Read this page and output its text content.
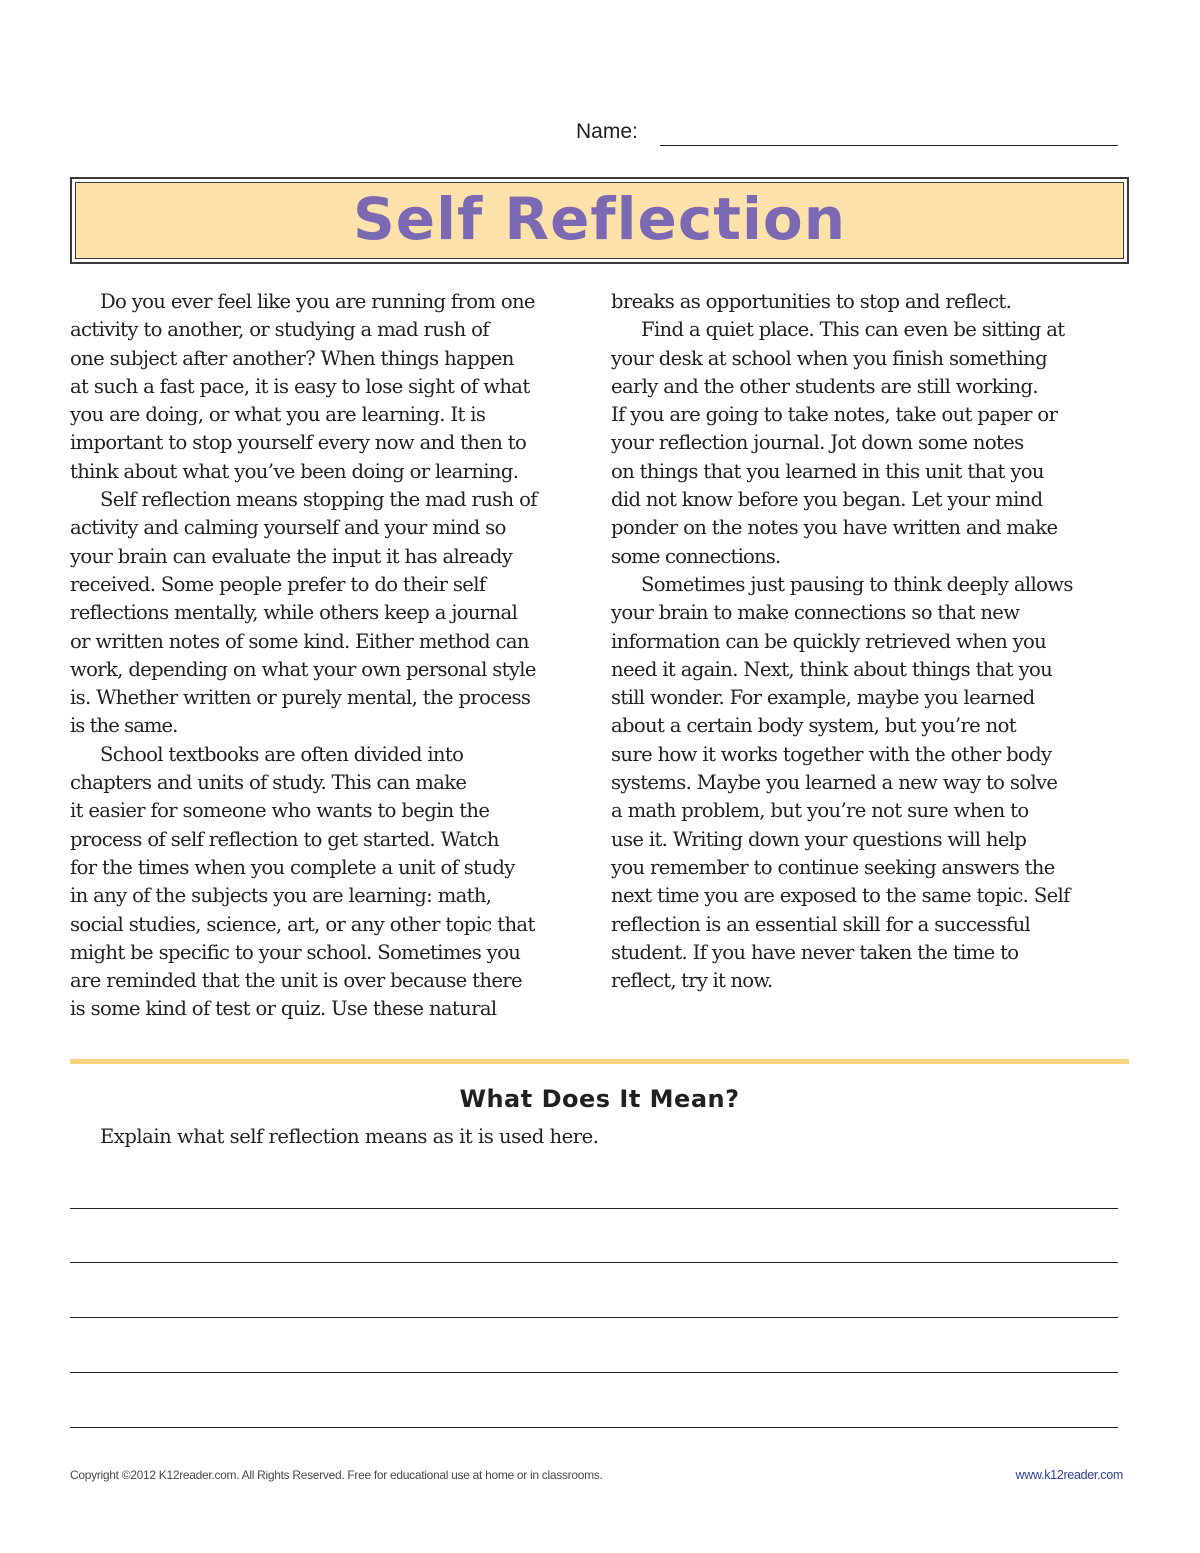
Name:
Self Reflection
Do you ever feel like you are running from one
activity to another, or studying a mad rush of
one subject after another? When things happen
at such a fast pace, it is easy to lose sight of what
you are doing, or what you are learning. It is
important to stop yourself every now and then to
think about what you’ve been doing or learning.
Self reflection means stopping the mad rush of
activity and calming yourself and your mind so
your brain can evaluate the input it has already
received. Some people prefer to do their self
reflections mentally, while others keep a journal
or written notes of some kind. Either method can
work, depending on what your own personal style
is. Whether written or purely mental, the process
is the same.
School textbooks are often divided into
chapters and units of study. This can make
it easier for someone who wants to begin the
process of self reflection to get started. Watch
for the times when you complete a unit of study
in any of the subjects you are learning: math,
social studies, science, art, or any other topic that
might be specific to your school. Sometimes you
are reminded that the unit is over because there
is some kind of test or quiz. Use these natural
breaks as opportunities to stop and reflect.
Find a quiet place. This can even be sitting at
your desk at school when you finish something
early and the other students are still working.
If you are going to take notes, take out paper or
your reflection journal. Jot down some notes
on things that you learned in this unit that you
did not know before you began. Let your mind
ponder on the notes you have written and make
some connections.
Sometimes just pausing to think deeply allows
your brain to make connections so that new
information can be quickly retrieved when you
need it again. Next, think about things that you
still wonder. For example, maybe you learned
about a certain body system, but you’re not
sure how it works together with the other body
systems. Maybe you learned a new way to solve
a math problem, but you’re not sure when to
use it. Writing down your questions will help
you remember to continue seeking answers the
next time you are exposed to the same topic. Self
reflection is an essential skill for a successful
student. If you have never taken the time to
reflect, try it now.
What Does It Mean?
Explain what self reflection means as it is used here.
Copyright ©2012 K12reader.com. All Rights Reserved. Free for educational use at home or in classrooms.	www.k12reader.com
